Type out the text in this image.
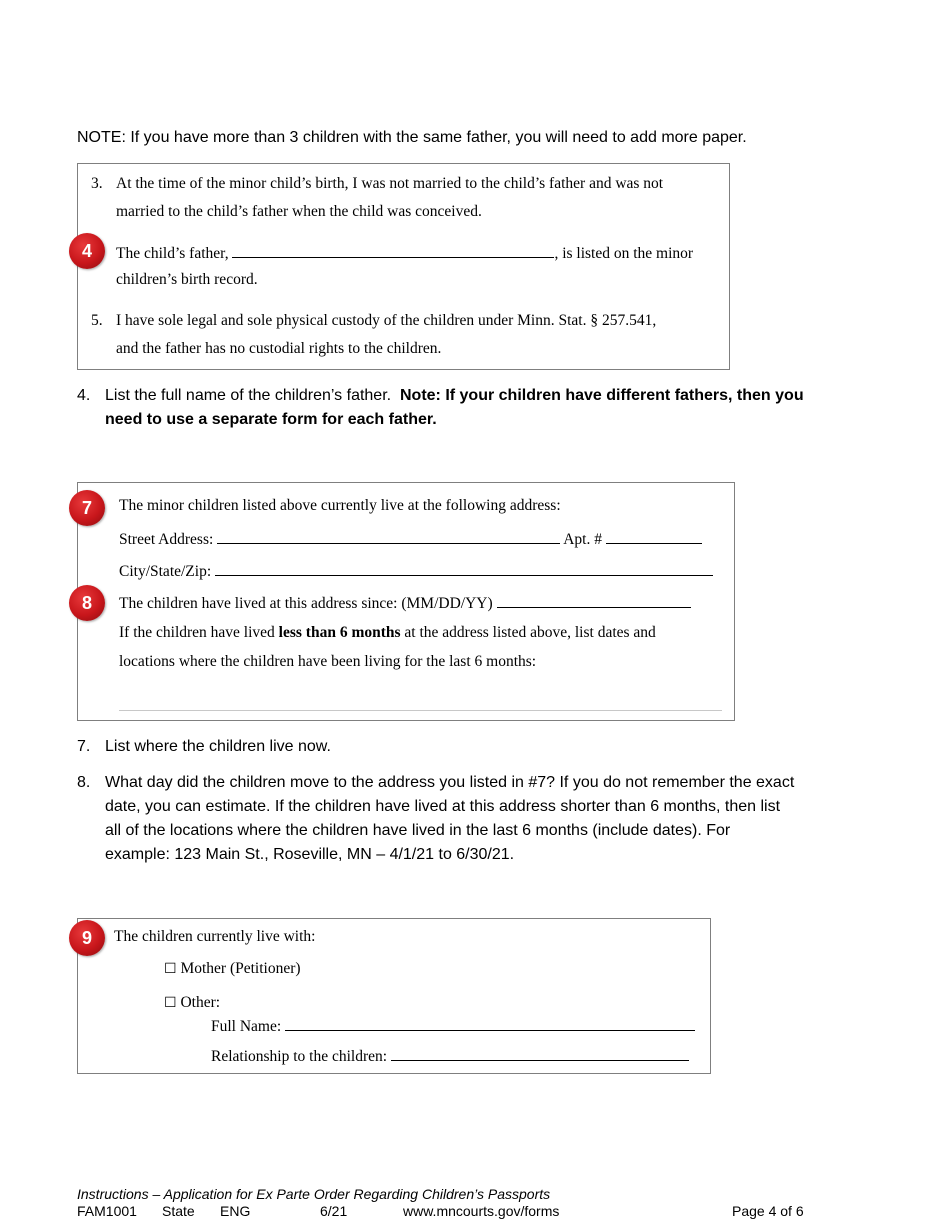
NOTE: If you have more than 3 children with the same father, you will need to add more paper.
3. At the time of the minor child’s birth, I was not married to the child’s father and was not
married to the child’s father when the child was conceived.
The child’s father,	, is listed on the minor
children’s birth record.
5. I have sole legal and sole physical custody of the children under Minn. Stat. § 257.541,
and the father has no custodial rights to the children.
4
4. List the full name of the children’s father. Note: If your children have different fathers, then you
need to use a separate form for each father.
The minor children listed above currently live at the following address:
Street Address:	Apt. #
City/State/Zip:
The children have lived at this address since: (MM/DD/YY)
If the children have lived less than 6 months at the address listed above, list dates and
locations where the children have been living for the last 6 months:
7
8
7. List where the children live now.
8. What day did the children move to the address you listed in #7? If you do not remember the exact
date, you can estimate. If the children have lived at this address shorter than 6 months, then list
all of the locations where the children have lived in the last 6 months (include dates). For
example: 123 Main St., Roseville, MN – 4/1/21 to 6/30/21.
The children currently live with:
☐ Mother (Petitioner)
☐ Other:
Full Name:
Relationship to the children:
9
Instructions – Application for Ex Parte Order Regarding Children’s Passports
FAM1001 State ENG	6/21	www.mncourts.gov/forms	Page 4 of 6
